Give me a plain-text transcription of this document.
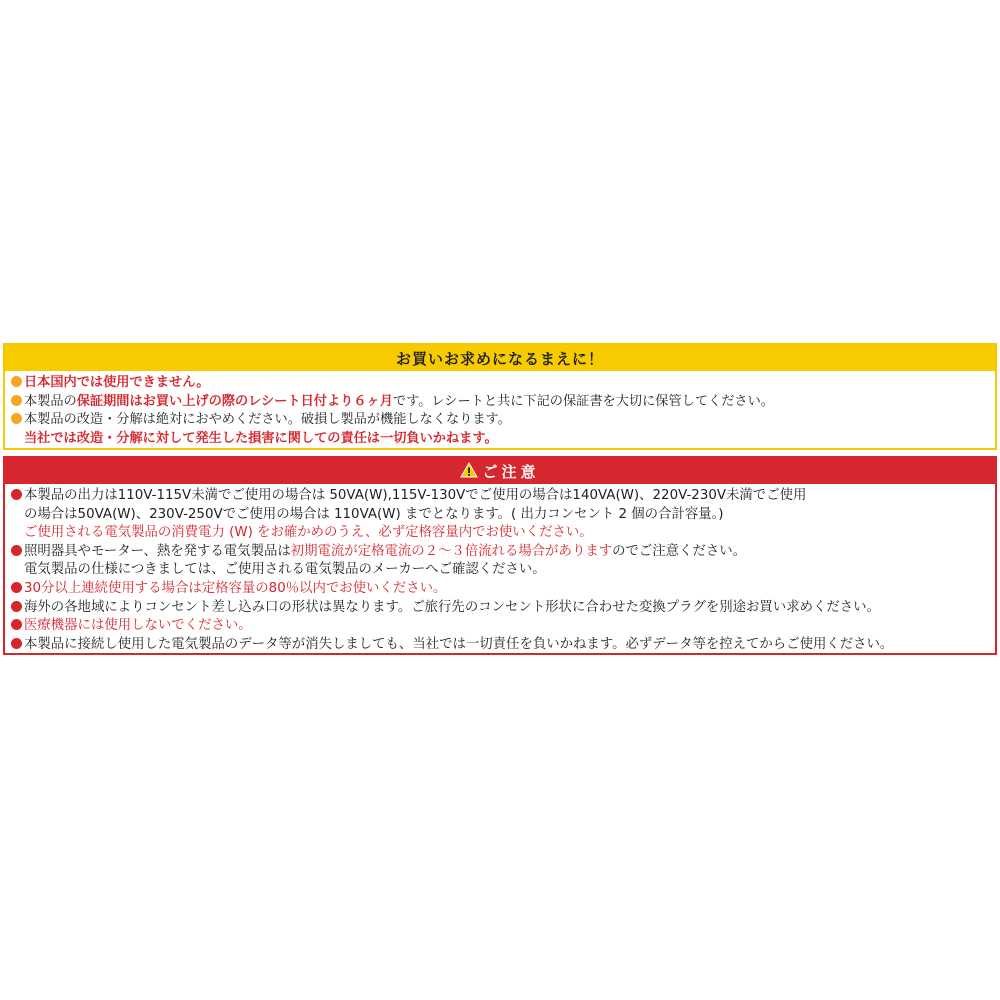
お買いお求めになるまえに！
日本国内では使用できません。
本製品の保証期間はお買い上げの際のレシート日付より６ヶ月です。レシートと共に下記の保証書を大切に保管してください。
本製品の改造・分解は絶対におやめください。破損し製品が機能しなくなります。
当社では改造・分解に対して発生した損害に関しての責任は一切負いかねます。
ご注意
本製品の出力は110V-115V未満でご使用の場合は 50VA(W),115V-130Vでご使用の場合は140VA(W)、220V-230V未満でご使用
の場合は50VA(W)、230V-250Vでご使用の場合は 110VA(W) までとなります。( 出力コンセント 2 個の合計容量。)
ご使用される電気製品の消費電力 (W) をお確かめのうえ、必ず定格容量内でお使いください。
照明器具やモーター、熱を発する電気製品は初期電流が定格電流の２～３倍流れる場合がありますのでご注意ください。
電気製品の仕様につきましては、ご使用される電気製品のメーカーへご確認ください。
30分以上連続使用する場合は定格容量の80％以内でお使いください。
海外の各地域によりコンセント差し込み口の形状は異なります。ご旅行先のコンセント形状に合わせた変換プラグを別途お買い求めください。
医療機器には使用しないでください。
本製品に接続し使用した電気製品のデータ等が消失しましても、当社では一切責任を負いかねます。必ずデータ等を控えてからご使用ください。
